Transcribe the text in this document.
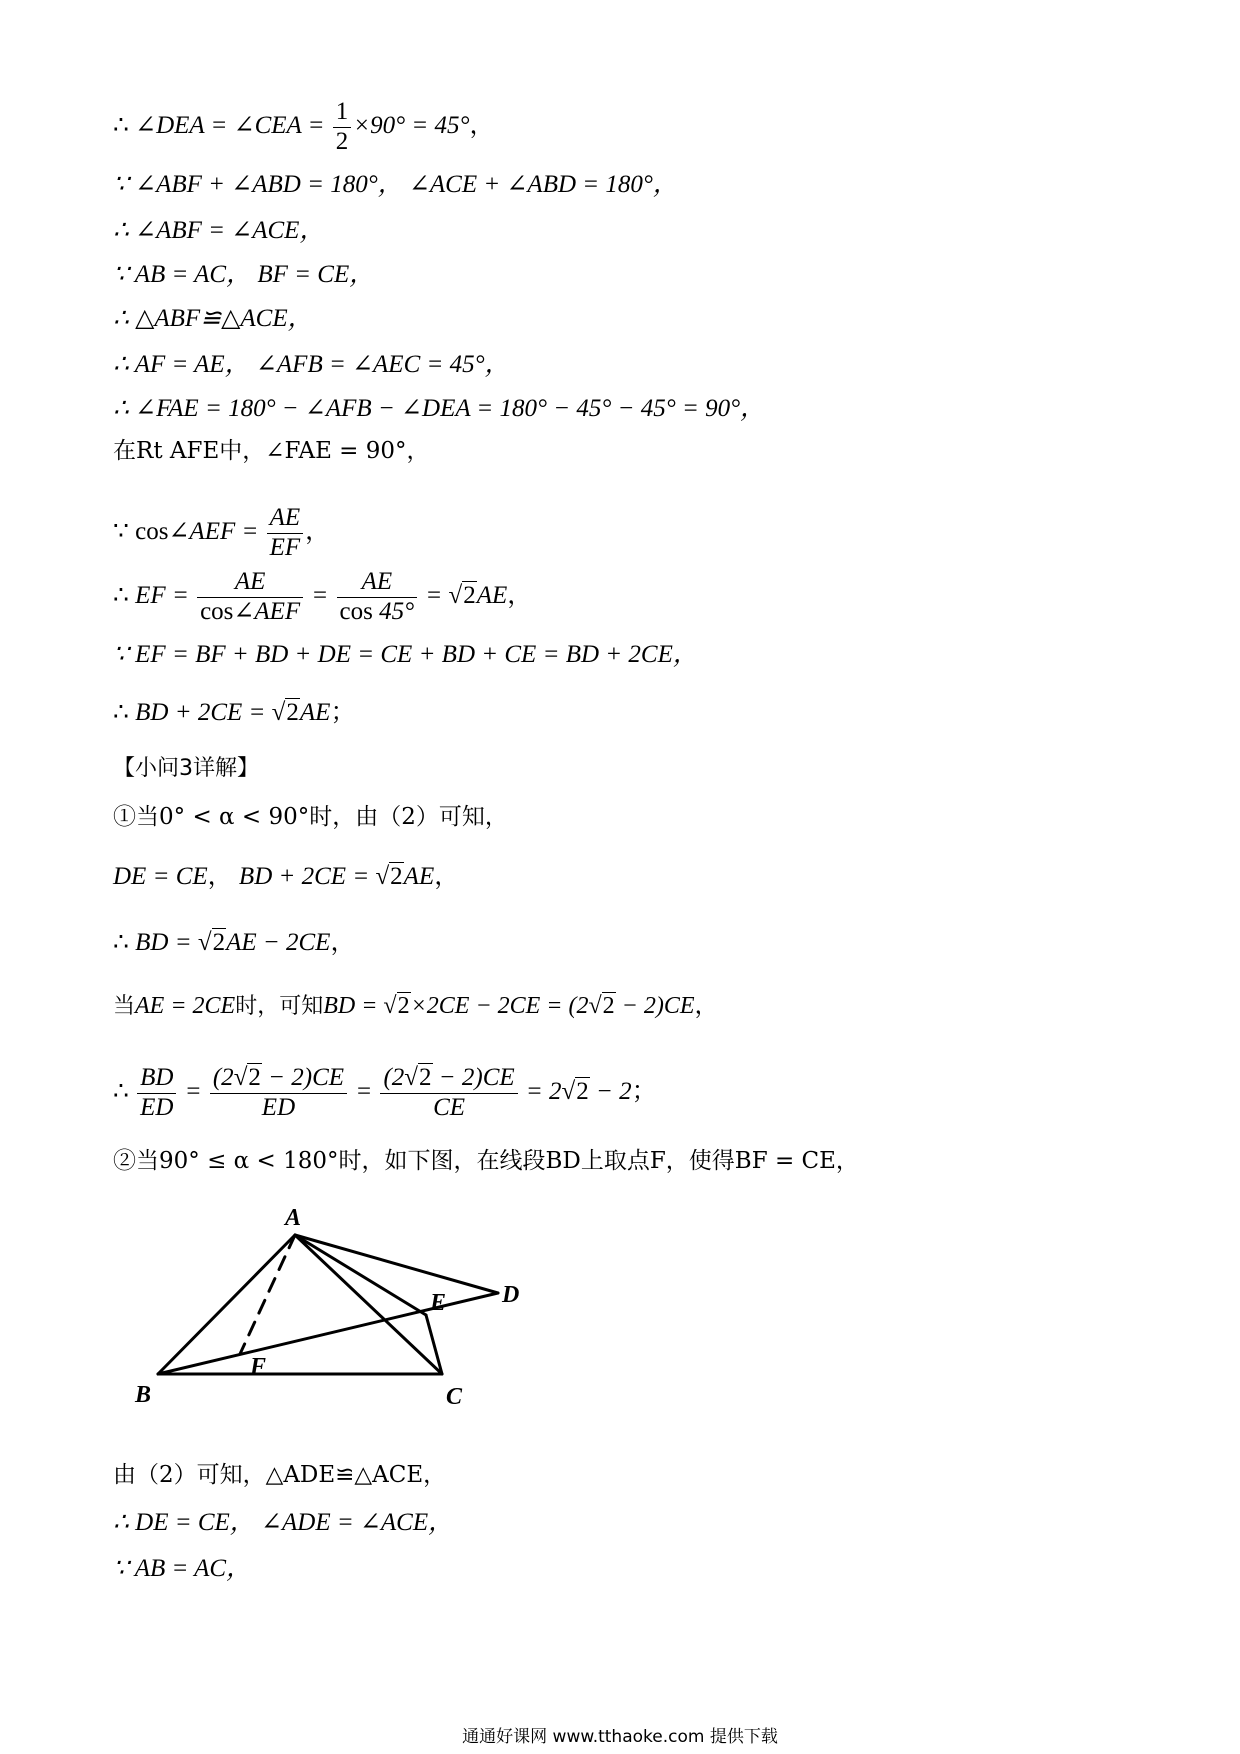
∴ ∠DEA = ∠CEA = $\frac{1}{2} \times 90^\circ = 45^\circ$，
∵ ∠ABF + ∠ABD = 180°， ∠ACE + ∠ABD = 180°，
∴ ∠ABF = ∠ACE，
∵ AB = AC， BF = CE，
∴ △ABF≌△ACE，
∴ AF = AE， ∠AFB = ∠AEC = 45°，
∴ ∠FAE = 180° − ∠AFB − ∠DEA = 180° − 45° − 45° = 90°，
在Rt AFE中，∠FAE = 90°，
∵ cos∠AEF = $\frac{AE}{EF}$ ，
∴ EF = $\frac{AE}{\text{cos∠AEF}} = \frac{AE}{\cos 45^\circ} = √2AE$，
∵ EF = BF + BD + DE = CE + BD + CE = BD + 2CE，
∴ BD + 2CE = √2AE；
【小问3详解】
①当0° < α < 90°时，由（2）可知，
DE = CE， BD + 2CE = √2AE，
∴ BD = √2AE − 2CE，
当AE = 2CE时，可知BD = √2×2CE − 2CE = (2√2 − 2)CE，
∴ $\frac{BD}{ED} = \frac{(2√2 - 2)CE}{ED} = \frac{(2√2 - 2)CE}{CE} = 2√2 - 2$；
②当90° ≤ α < 180°时，如下图，在线段BD上取点F，使得BF = CE，
A
B	C
D
E
F
由（2）可知，△ADE≌△ACE，
∴ DE = CE， ∠ADE = ∠ACE，
∵ AB = AC，
通通好课网 www.tthaoke.com 提供下载
